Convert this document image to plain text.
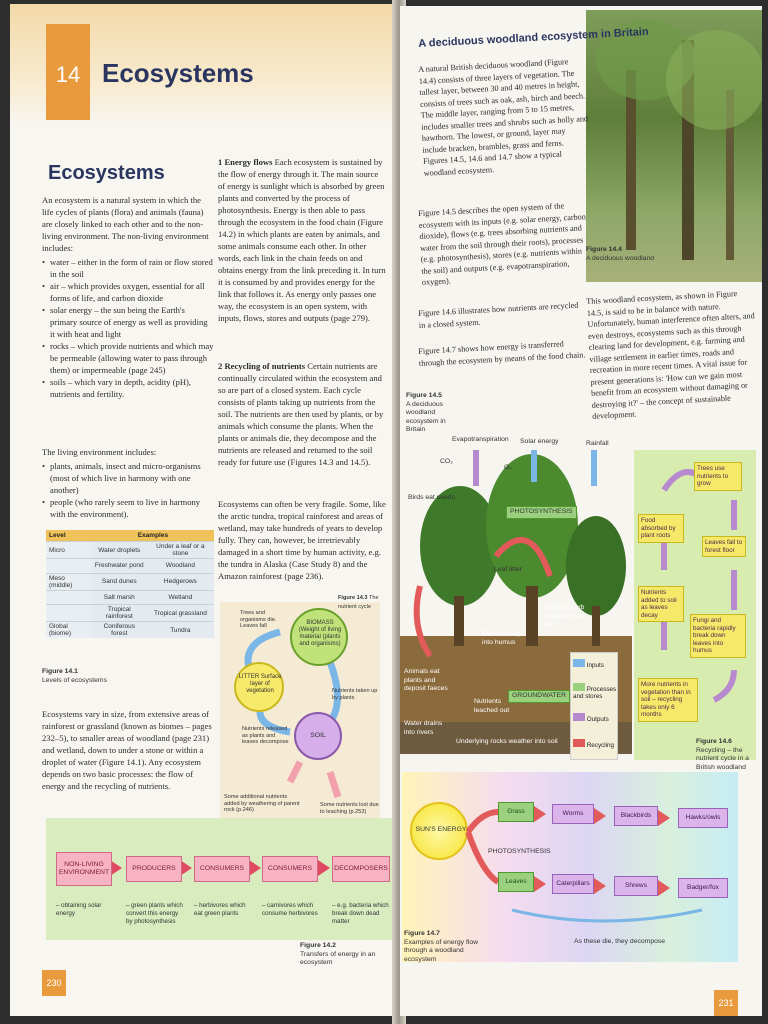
14 Ecosystems
Ecosystems
An ecosystem is a natural system in which the life cycles of plants (flora) and animals (fauna) are closely linked to each other and to the non-living environment. The non-living environment includes:
• water – either in the form of rain or flow stored in the soil
• air – which provides oxygen, essential for all forms of life, and carbon dioxide
• solar energy – the sun being the Earth's primary source of energy as well as providing it with heat and light
• rocks – which provide nutrients and which may be permeable (allowing water to pass through them) or impermeable (page 245)
• soils – which vary in depth, acidity (pH), nutrients and fertility.
The living environment includes:
• plants, animals, insect and micro-organisms (most of which live in harmony with one another)
• people (who rarely seem to live in harmony with the environment).
Level	Examples	
Micro	Water droplets	Under a leaf or a stone
	Freshwater pond	Woodland
Meso (middle)	Sand dunes	Hedgerows
	Salt marsh	Wetland
	Tropical rainforest	Tropical grassland
Global (biome)	Coniferous forest	Tundra
Figure 14.1
Levels of ecosystems
Ecosystems vary in size, from extensive areas of rainforest or grassland (known as biomes – pages 232–5), to smaller areas of woodland (page 231) and wetland, down to under a stone or within a droplet of water (Figure 14.1). Any ecosystem depends on two basic processes: the flow of energy and the recycling of nutrients.
1 Energy flows Each ecosystem is sustained by the flow of energy through it. The main source of energy is sunlight which is absorbed by green plants and converted by the process of photosynthesis. Energy is then able to pass through the ecosystem in the food chain (Figure 14.2) in which plants are eaten by animals, and some animals consume each other. In other words, each link in the chain feeds on and obtains energy from the link preceding it. In turn it is consumed by and provides energy for the link that follows it. As energy only passes one way, the ecosystem is an open system, with inputs, flows, stores and outputs (page 279).
2 Recycling of nutrients Certain nutrients are continually circulated within the ecosystem and so are part of a closed system. Each cycle consists of plants taking up nutrients from the soil. The nutrients are then used by plants, or by animals which consume the plants. When the plants or animals die, they decompose and the nutrients are released and returned to the soil ready for future use (Figures 14.3 and 14.5).
Ecosystems can often be very fragile. Some, like the arctic tundra, tropical rainforest and areas of wetland, may take hundreds of years to develop fully. They can, however, be irretrievably damaged in a short time by human activity, e.g. the tundra in Alaska (Case Study 8) and the Amazon rainforest (page 236).
BIOMASS (Weight of living material (plants and organisms)
LITTER Surface layer of vegetation
SOIL
Trees and organisms die. Leaves fall
Nutrients taken up by plants
Nutrients released as plants and leaves decompose
Some additional nutrients added by weathering of parent rock (p.246)
Some nutrients lost due to leaching (p.253)
Figure 14.3 The nutrient cycle
NON-LIVING ENVIRONMENT
PRODUCERS	CONSUMERS	CONSUMERS	DECOMPOSERS
– obtaining solar energy
– green plants which convert this energy by photosynthesis
– herbivores which eat green plants
– carnivores which consume herbivores
– e.g. bacteria which break down dead matter
Figure 14.2
Transfers of energy in an ecosystem
230
Figure 14.4
A deciduous woodland
A deciduous woodland ecosystem in Britain
A natural British deciduous woodland (Figure 14.4) consists of three layers of vegetation. The tallest layer, between 30 and 40 metres in height, consists of trees such as oak, ash, birch and beech. The middle layer, ranging from 5 to 15 metres, includes smaller trees and shrubs such as holly and hawthorn. The lowest, or ground, layer may include bracken, brambles, grass and ferns. Figures 14.5, 14.6 and 14.7 show a typical woodland ecosystem.
Figure 14.5 describes the open system of the ecosystem with its inputs (e.g. solar energy, carbon dioxide), flows (e.g. trees absorbing nutrients and water from the soil through their roots), processes (e.g. photosynthesis), stores (e.g. nutrients within the soil) and outputs (e.g. evapotranspiration, oxygen).
Figure 14.6 illustrates how nutrients are recycled in a closed system.
Figure 14.7 shows how energy is transferred through the ecosystem by means of the food chain.
This woodland ecosystem, as shown in Figure 14.5, is said to be in balance with nature. Unfortunately, human interference often alters, and even destroys, ecosystems such as this through clearing land for development, e.g. farming and village settlement in earlier times, roads and recreation in more recent times. A vital issue for present generations is: 'How can we gain most benefit from an ecosystem without damaging or destroying it?' – the concept of sustainable development.
Figure 14.5
A deciduous woodland ecosystem in Britain
Evapotranspiration Solar energy	Rainfall
CO₂
O₂
Birds eat seeds
PHOTOSYNTHESIS
Leaf litter
Roots absorb nutrients from soil
Plants decay into humus
Animals eat plants and deposit faeces
Nutrients leached out
GROUNDWATER
Water drains into rivers
Underlying rocks weather into soil
Inputs
Processes and stores
Outputs
Recycling
Trees use nutrients to grow
Food absorbed by plant roots
Leaves fall to forest floor
Nutrients added to soil as leaves decay
Fungi and bacteria rapidly break down leaves into humus
More nutrients in vegetation than in soil – recycling takes only 6 months
Figure 14.6
Recycling – the nutrient cycle in a British woodland
SUN'S ENERGY
Grass	Worms	Blackbirds	Hawks/owls
PHOTOSYNTHESIS
Leaves	Caterpillars	Shrews	Badger/fox
As these die, they decompose
Figure 14.7
Examples of energy flow through a woodland ecosystem
231
